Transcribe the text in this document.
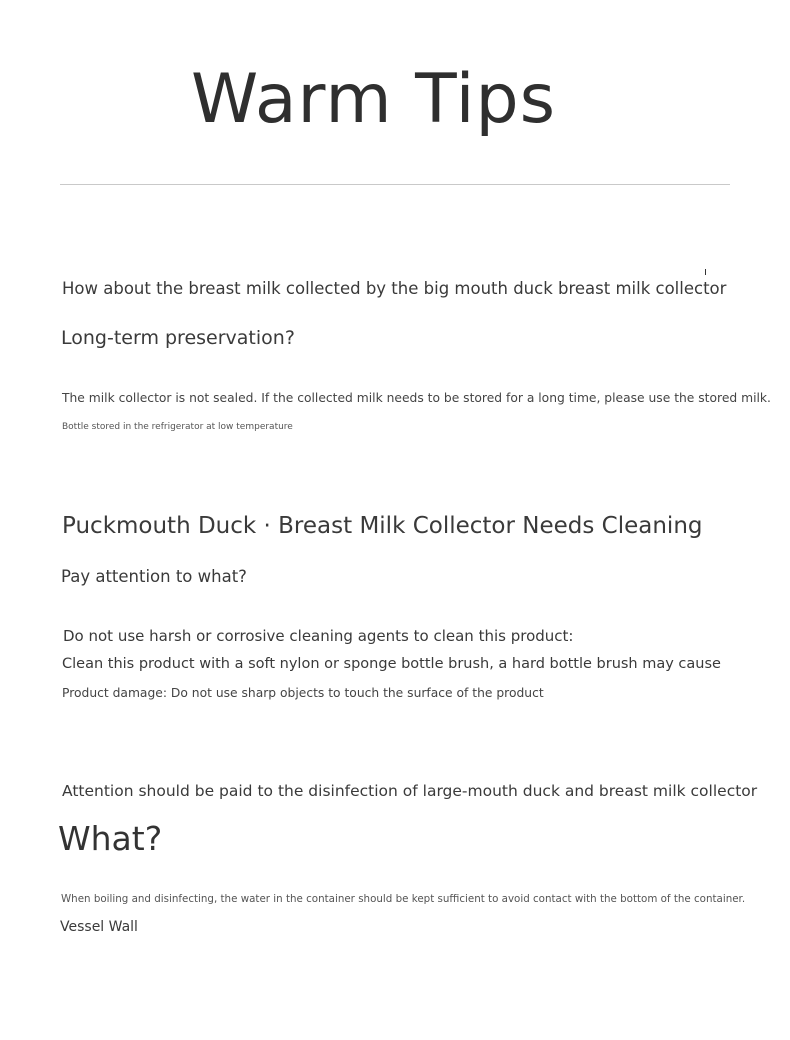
Warm Tips
How about the breast milk collected by the big mouth duck breast milk collector
Long-term preservation?
The milk collector is not sealed. If the collected milk needs to be stored for a long time, please use the stored milk.
Bottle stored in the refrigerator at low temperature
Puckmouth Duck · Breast Milk Collector Needs Cleaning
Pay attention to what?
Do not use harsh or corrosive cleaning agents to clean this product:
Clean this product with a soft nylon or sponge bottle brush, a hard bottle brush may cause
Product damage: Do not use sharp objects to touch the surface of the product
Attention should be paid to the disinfection of large-mouth duck and breast milk collector
What?
When boiling and disinfecting, the water in the container should be kept sufficient to avoid contact with the bottom of the container.
Vessel Wall
